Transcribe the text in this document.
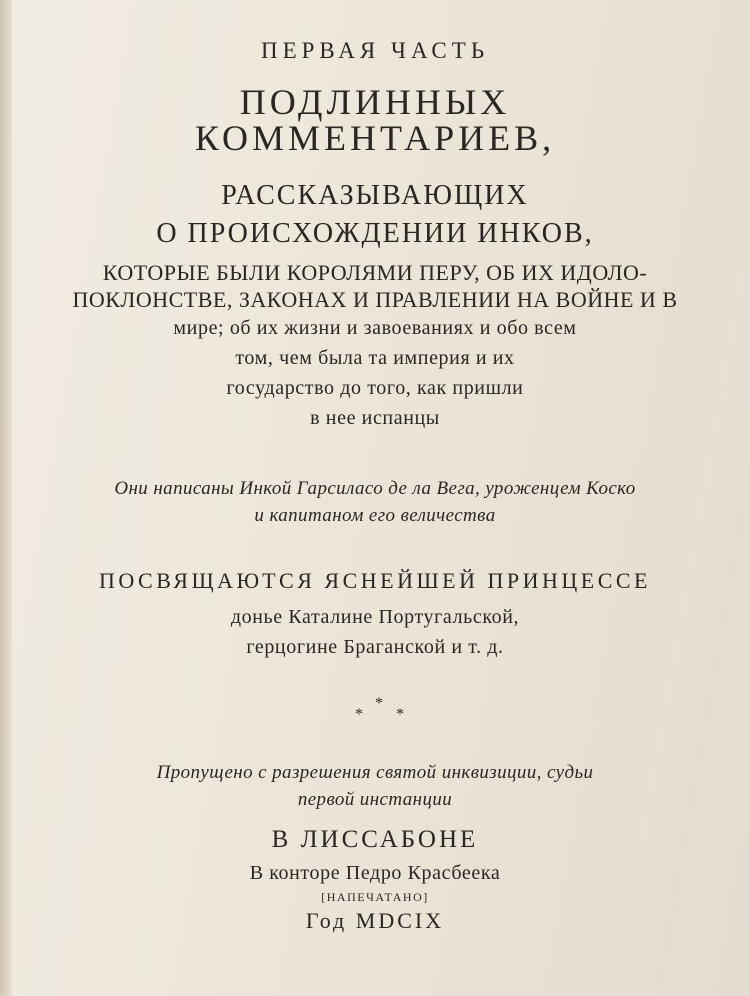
ПЕРВАЯ ЧАСТЬ
ПОДЛИННЫХ
КОММЕНТАРИЕВ,
РАССКАЗЫВАЮЩИХ
О ПРОИСХОЖДЕНИИ ИНКОВ,
КОТОРЫЕ БЫЛИ КОРОЛЯМИ ПЕРУ, ОБ ИХ ИДОЛО-
ПОКЛОНСТВЕ, ЗАКОНАХ И ПРАВЛЕНИИ НА ВОЙНЕ И В
мире; об их жизни и завоеваниях и обо всем
том, чем была та империя и их
государство до того, как пришли
в нее испанцы
Они написаны Инкой Гарсиласо де ла Вега, уроженцем Коско
и капитаном его величества
ПОСВЯЩАЮТСЯ ЯСНЕЙШЕЙ ПРИНЦЕССЕ
донье Каталине Португальской,
герцогине Браганской и т. д.
*
*
*
Пропущено с разрешения святой инквизиции, судьи
первой инстанции
В ЛИССАБОНЕ
В конторе Педро Красбеека
[НАПЕЧАТАНО]
Год MDCIX
